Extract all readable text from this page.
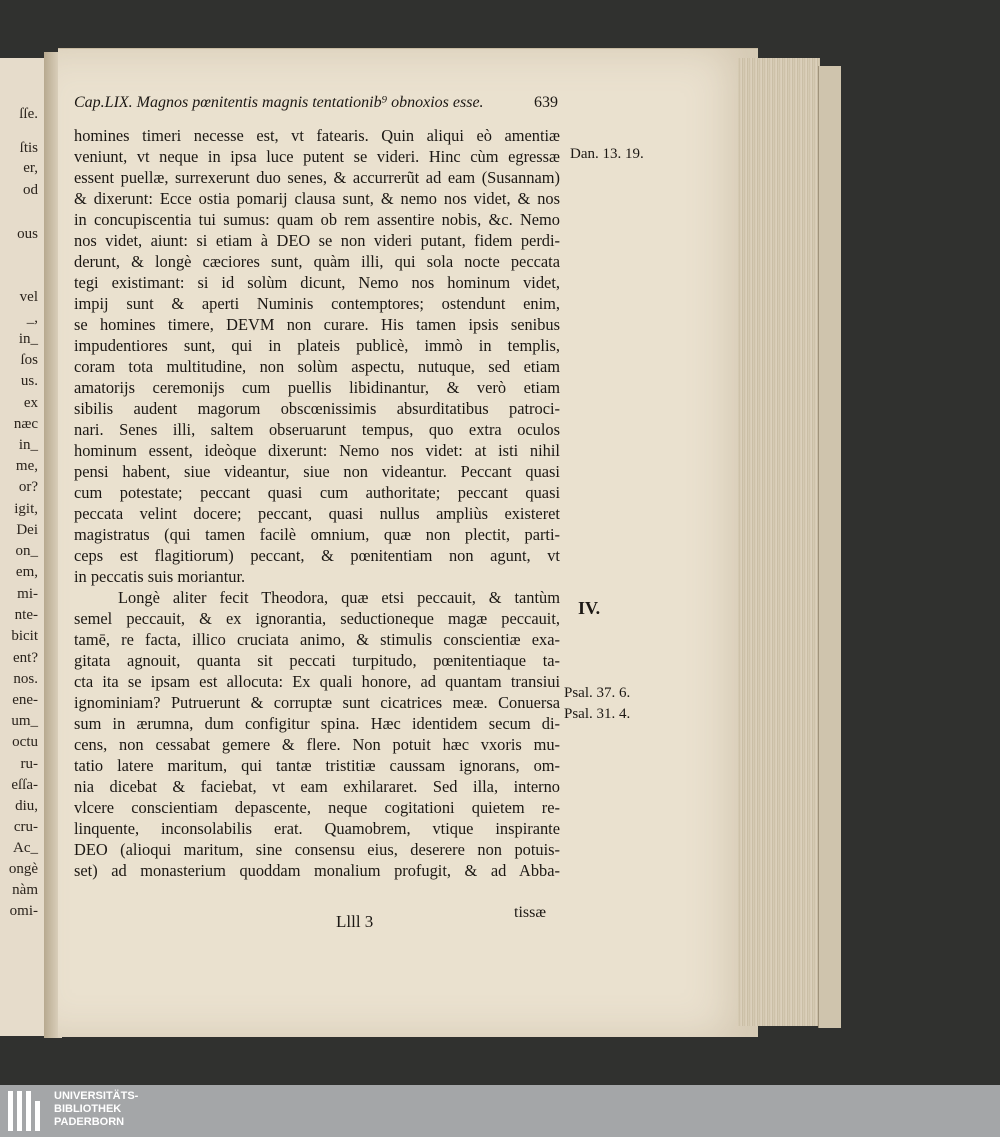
ſſe.
ſtis
er,
od
ous
vel
_,
in_
ſos
us.
ex
næc
in_
me,
or?
igit,
Dei
on_
em,
mi-
nte-
bicit
ent?
nos.
ene-
um_
octu
ru-
eſſa-
diu,
cru-
Ac_
ongè
nàm
omi-
Cap.LIX. Magnos pœnitentis magnis tentationib⁹ obnoxios esse.	639
homines timeri necesse est, vt fatearis. Quin aliqui eò amentiæ
veniunt, vt neque in ipsa luce putent se videri. Hinc cùm egressæ
essent puellæ, surrexerunt duo senes, & accurrerũt ad eam (Susannam)
& dixerunt: Ecce ostia pomarij clausa sunt, & nemo nos videt, & nos
in concupiscentia tui sumus: quam ob rem assentire nobis, &c. Nemo
nos videt, aiunt: si etiam à DEO se non videri putant, fidem perdi-
derunt, & longè cæciores sunt, quàm illi, qui sola nocte peccata
tegi existimant: si id solùm dicunt, Nemo nos hominum videt,
impij sunt & aperti Numinis contemptores; ostendunt enim,
se homines timere, DEVM non curare. His tamen ipsis senibus
impudentiores sunt, qui in plateis publicè, immò in templis,
coram tota multitudine, non solùm aspectu, nutuque, sed etiam
amatorijs ceremonijs cum puellis libidinantur, & verò etiam
sibilis audent magorum obscœnissimis absurditatibus patroci-
nari. Senes illi, saltem obseruarunt tempus, quo extra oculos
hominum essent, ideòque dixerunt: Nemo nos videt: at isti nihil
pensi habent, siue videantur, siue non videantur. Peccant quasi
cum potestate; peccant quasi cum authoritate; peccant quasi
peccata velint docere; peccant, quasi nullus ampliùs existeret
magistratus (qui tamen facilè omnium, quæ non plectit, parti-
ceps est flagitiorum) peccant, & pœnitentiam non agunt, vt
in peccatis suis moriantur.
Longè aliter fecit Theodora, quæ etsi peccauit, & tantùm
semel peccauit, & ex ignorantia, seductioneque magæ peccauit,
tamē, re facta, illico cruciata animo, & stimulis conscientiæ exa-
gitata agnouit, quanta sit peccati turpitudo, pœnitentiaque ta-
cta ita se ipsam est allocuta: Ex quali honore, ad quantam transiui
ignominiam? Putruerunt & corruptæ sunt cicatrices meæ. Conuersa
sum in ærumna, dum configitur spina. Hæc identidem secum di-
cens, non cessabat gemere & flere. Non potuit hæc vxoris mu-
tatio latere maritum, qui tantæ tristitiæ caussam ignorans, om-
nia dicebat & faciebat, vt eam exhilararet. Sed illa, interno
vlcere conscientiam depascente, neque cogitationi quietem re-
linquente, inconsolabilis erat. Quamobrem, vtique inspirante
DEO (alioqui maritum, sine consensu eius, deserere non potuis-
set) ad monasterium quoddam monalium profugit, & ad Abba-
Dan. 13. 19.
IV.
Psal. 37. 6.
Psal. 31. 4.
Llll 3	tissæ
UNIVERSITÄTS-
BIBLIOTHEK
PADERBORN
